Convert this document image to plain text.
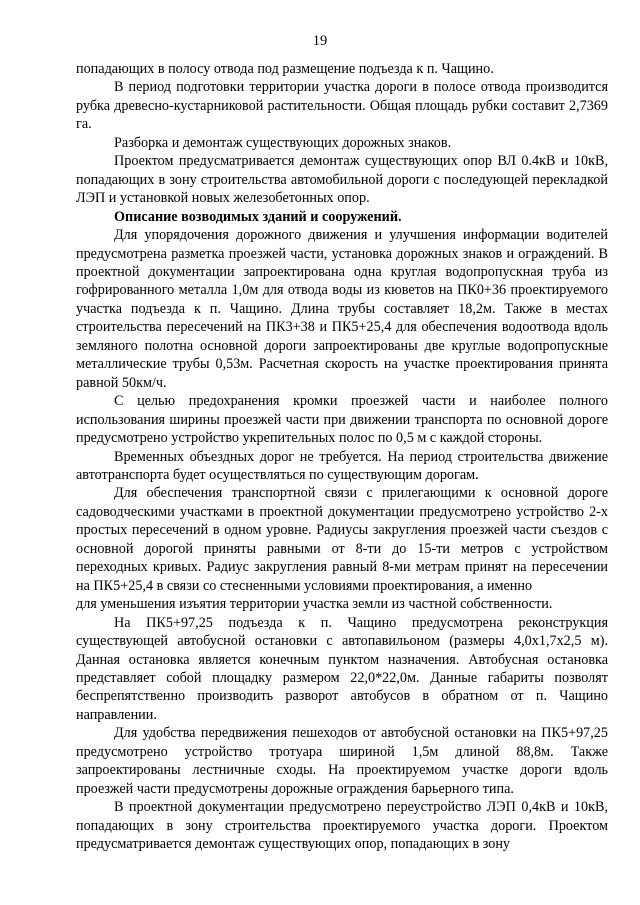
19

попадающих в полосу отвода под размещение подъезда к п. Чащино.

В период подготовки территории участка дороги в полосе отвода производится рубка древесно-кустарниковой растительности. Общая площадь рубки составит 2,7369 га.

Разборка и демонтаж существующих дорожных знаков.

Проектом предусматривается демонтаж существующих опор ВЛ 0.4кВ и 10кВ, попадающих в зону строительства автомобильной дороги с последующей перекладкой ЛЭП и установкой новых железобетонных опор.

Описание возводимых зданий и сооружений.

Для упорядочения дорожного движения и улучшения информации водителей предусмотрена разметка проезжей части, установка дорожных знаков и ограждений. В проектной документации запроектирована одна круглая водопропускная труба из гофрированного металла 1,0м для отвода воды из кюветов на ПК0+36 проектируемого участка подъезда к п. Чащино. Длина трубы составляет 18,2м. Также в местах строительства пересечений на ПК3+38 и ПК5+25,4 для обеспечения водоотвода вдоль земляного полотна основной дороги запроектированы две круглые водопропускные металлические трубы 0,53м. Расчетная скорость на участке проектирования принята равной 50км/ч.

С целью предохранения кромки проезжей части и наиболее полного использования ширины проезжей части при движении транспорта по основной дороге предусмотрено устройство укрепительных полос по 0,5 м с каждой стороны.

Временных объездных дорог не требуется. На период строительства движение автотранспорта будет осуществляться по существующим дорогам.

Для обеспечения транспортной связи с прилегающими к основной дороге садоводческими участками в проектной документации предусмотрено устройство 2-х простых пересечений в одном уровне. Радиусы закругления проезжей части съездов с основной дорогой приняты равными от 8-ти до 15-ти метров с устройством переходных кривых. Радиус закругления равный 8-ми метрам принят на пересечении на ПК5+25,4 в связи со стесненными условиями проектирования, а именно

для уменьшения изъятия территории участка земли из частной собственности.

На ПК5+97,25 подъезда к п. Чащино предусмотрена реконструкция существующей автобусной остановки с автопавильоном (размеры 4,0х1,7х2,5 м). Данная остановка является конечным пунктом назначения. Автобусная остановка представляет собой площадку размером 22,0*22,0м. Данные габариты позволят беспрепятственно производить разворот автобусов в обратном от п. Чащино направлении.

Для удобства передвижения пешеходов от автобусной остановки на ПК5+97,25 предусмотрено устройство тротуара шириной 1,5м длиной 88,8м. Также запроектированы лестничные сходы. На проектируемом участке дороги вдоль проезжей части предусмотрены дорожные ограждения барьерного типа.

В проектной документации предусмотрено переустройство ЛЭП 0,4кВ и 10кВ, попадающих в зону строительства проектируемого участка дороги. Проектом предусматривается демонтаж существующих опор, попадающих в зону
